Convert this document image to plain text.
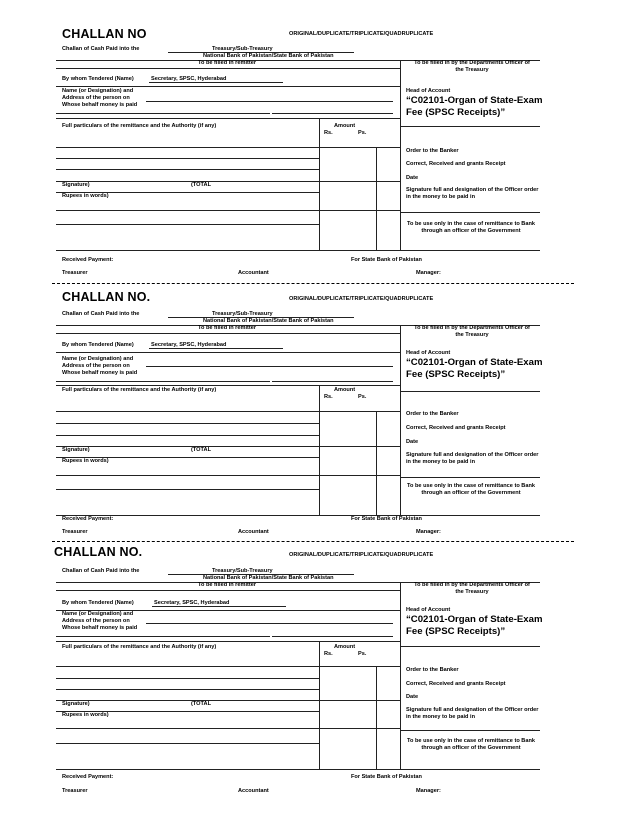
CHALLAN NO	ORIGINAL/DUPLICATE/TRIPLICATE/QUADRUPLICATE
Challan of Cash Paid into the	Treasury/Sub-Treasury
National Bank of Pakistan/State Bank of Pakistan
To be filled in remitter	To be filled in by the Departments Officer of the Treasury
By whom Tendered (Name)	Secretary, SPSC, Hyderabad
Name (or Designation) and Address of the person on Whose behalf money is paid
Head of Account
“C02101-Organ of State-Exam Fee (SPSC Receipts)”
Full particulars of the remittance and the Authority (if any)	Amount
Rs.	Ps.
Signature)	(TOTAL
Rupees in words)
Order to the Banker
Correct, Received and grants Receipt
Date
Signature full and designation of the Officer order in the money to be paid in
To be use only in the case of remittance to Bank through an officer of the Government
Received Payment:	For State Bank of Pakistan
Treasurer	Accountant	Manager:
CHALLAN NO.	ORIGINAL/DUPLICATE/TRIPLICATE/QUADRUPLICATE
Challan of Cash Paid into the	Treasury/Sub-Treasury
National Bank of Pakistan/State Bank of Pakistan
To be filled in remitter	To be filled in by the Departments Officer of the Treasury
By whom Tendered (Name)	Secretary, SPSC, Hyderabad
Name (or Designation) and Address of the person on Whose behalf money is paid
Head of Account
“C02101-Organ of State-Exam Fee (SPSC Receipts)”
Full particulars of the remittance and the Authority (if any)	Amount
Rs.	Ps.
Signature)	(TOTAL
Rupees in words)
Order to the Banker
Correct, Received and grants Receipt
Date
Signature full and designation of the Officer order in the money to be paid in
To be use only in the case of remittance to Bank through an officer of the Government
Received Payment:	For State Bank of Pakistan
Treasurer	Accountant	Manager:
CHALLAN NO.	ORIGINAL/DUPLICATE/TRIPLICATE/QUADRUPLICATE
Challan of Cash Paid into the	Treasury/Sub-Treasury
National Bank of Pakistan/State Bank of Pakistan
To be filled in remitter	To be filled in by the Departments Officer of the Treasury
By whom Tendered (Name)	Secretary, SPSC, Hyderabad
Name (or Designation) and Address of the person on Whose behalf money is paid
Head of Account
“C02101-Organ of State-Exam Fee (SPSC Receipts)”
Full particulars of the remittance and the Authority (if any)	Amount
Rs.	Ps.
Signature)	(TOTAL
Rupees in words)
Order to the Banker
Correct, Received and grants Receipt
Date
Signature full and designation of the Officer order in the money to be paid in
To be use only in the case of remittance to Bank through an officer of the Government
Received Payment:	For State Bank of Pakistan
Treasurer	Accountant	Manager:
